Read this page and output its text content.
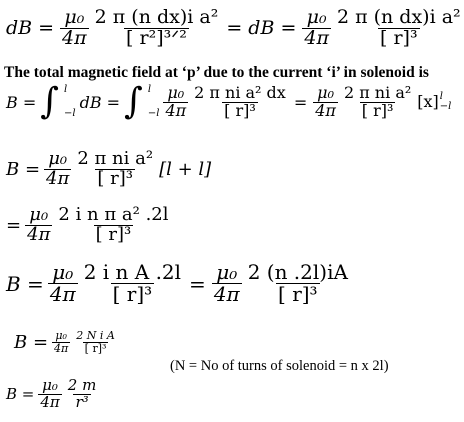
dB = $\frac{\text{μ₀}}{4\pi} \frac{\text{2 π (n dx)i a²}}{\text{[ r²]³ᐟ²}}$ = dB = $\frac{\text{μ₀}}{4\pi} \frac{\text{2 π (n dx)i a²}}{\text{[ r]³}}$
The total magnetic field at ‘p’ due to the current ‘i’ in solenoid is
B = ∫ l
−l
dB = ∫ l
$-l \frac{\text{μ₀}}{4\pi} \frac{\text{2 π ni a² dx}}{\text{[ r]³}} = \frac{\text{μ₀}}{4\pi} \frac{\text{2 π ni a²}}{\text{[ r]³}} [x]$ l
−l
$B = \frac{\text{μ₀}}{4\pi} \frac{\text{2 π ni a²}}{\text{[ r]³}} [l + l]$
= $\frac{\text{μ₀}}{4\pi} \frac{\text{2 i n π a² .2l}}{\text{[ r]³}}$
$B = \frac{\text{μ₀}}{4\pi} \frac{\text{2 i n A .2l}}{\text{[ r]³}} = \frac{\text{μ₀}}{4\pi} \frac{2 (n .2l)iA}{\text{[ r]³}}$
$B = \frac{\text{μ₀}}{4\pi} \frac{\text{2 N i A}}{\text{[ r]³}}$
(N = No of turns of solenoid = n x 2l)
$B = \frac{\text{μ₀}}{4\pi} \frac{2 m}{\text{r³}}$
